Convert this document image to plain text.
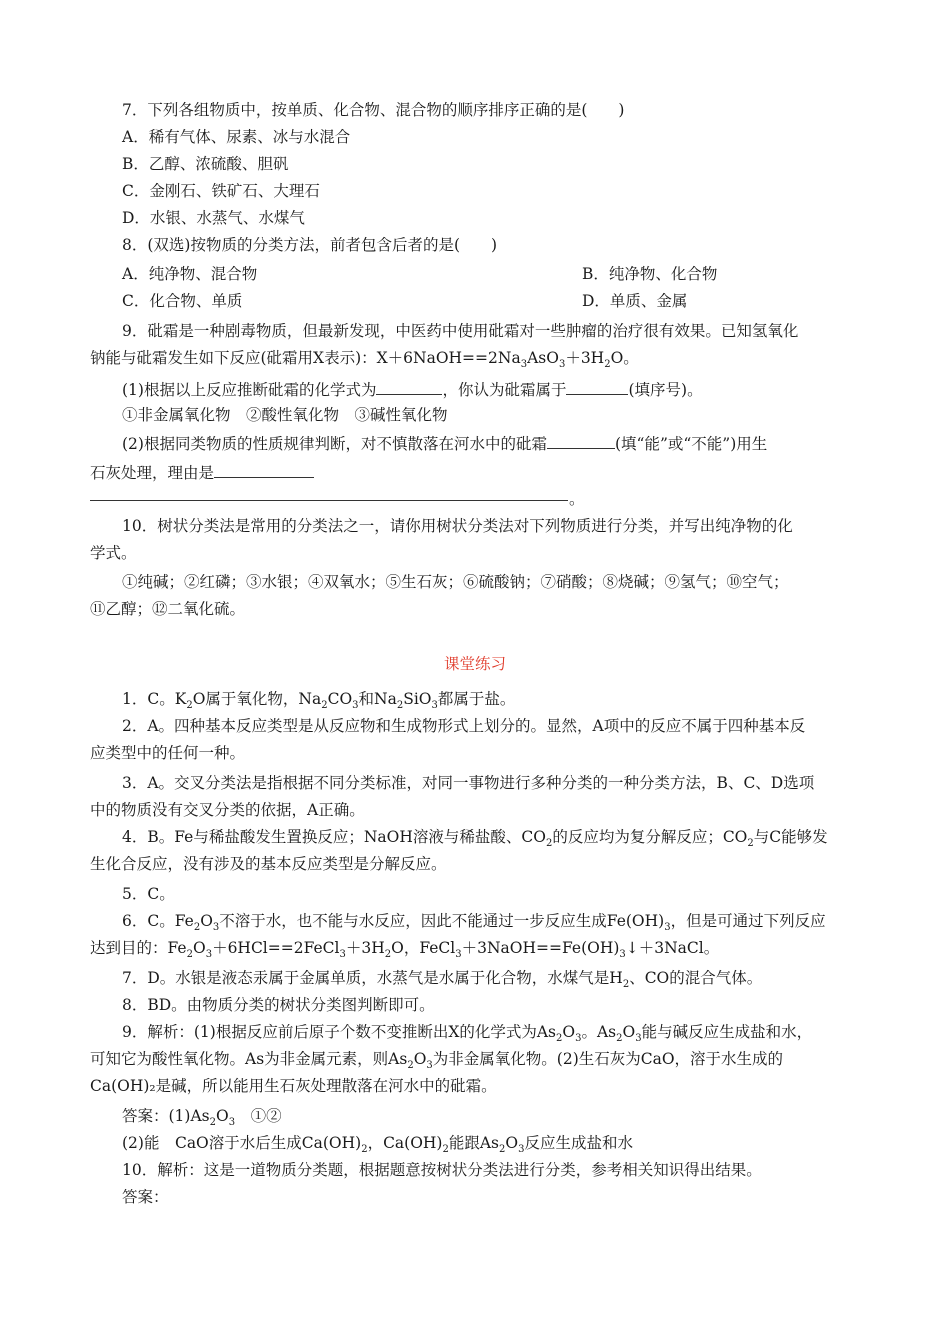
7．下列各组物质中，按单质、化合物、混合物的顺序排序正确的是(　　)
A．稀有气体、尿素、冰与水混合
B．乙醇、浓硫酸、胆矾
C．金刚石、铁矿石、大理石
D．水银、水蒸气、水煤气
8．(双选)按物质的分类方法，前者包含后者的是(　　)
A．纯净物、混合物	B．纯净物、化合物
C．化合物、单质	D．单质、金属
9．砒霜是一种剧毒物质，但最新发现，中医药中使用砒霜对一些肿瘤的治疗很有效果。已知氢氧化
钠能与砒霜发生如下反应(砒霜用X表示)：$X+6NaOH==2Na_3AsO_3+3H_2O$。
(1)根据以上反应推断砒霜的化学式为	，你认为砒霜属于	(填序号)。
①非金属氧化物　②酸性氧化物　③碱性氧化物
(2)根据同类物质的性质规律判断，对不慎散落在河水中的砒霜	(填“能”或“不能”)用生
石灰处理，理由是
。
10．树状分类法是常用的分类法之一，请你用树状分类法对下列物质进行分类，并写出纯净物的化
学式。
①纯碱；②红磷；③水银；④双氧水；⑤生石灰；⑥硫酸钠；⑦硝酸；⑧烧碱；⑨氢气；⑩空气；
⑪乙醇；⑫二氧化硫。
课堂练习
1．C。$K_2O$属于氧化物，$Na_2CO_3$和$Na_2SiO_3$都属于盐。
2．A。四种基本反应类型是从反应物和生成物形式上划分的。显然，A项中的反应不属于四种基本反
应类型中的任何一种。
3．A。交叉分类法是指根据不同分类标准，对同一事物进行多种分类的一种分类方法，B、C、D选项
中的物质没有交叉分类的依据，A正确。
4．B。Fe与稀盐酸发生置换反应；NaOH溶液与稀盐酸、$CO_2$的反应均为复分解反应；$CO_2$与C能够发
生化合反应，没有涉及的基本反应类型是分解反应。
5．C。
6．C。$Fe_2O_3$不溶于水，也不能与水反应，因此不能通过一步反应生成$Fe(OH)_3$，但是可通过下列反应
达到目的：$Fe_2O_3+6HCl==2FeCl_3+3H_2O$，$FeCl_3+3NaOH==Fe(OH)_3↓+3NaCl$。
7．D。水银是液态汞属于金属单质，水蒸气是水属于化合物，水煤气是$H_2$、CO的混合气体。
8．BD。由物质分类的树状分类图判断即可。
9．解析：(1)根据反应前后原子个数不变推断出X的化学式为$As_2O_3$。$As_2O_3$能与碱反应生成盐和水，
可知它为酸性氧化物。As为非金属元素，则$As_2O_3$为非金属氧化物。(2)生石灰为CaO，溶于水生成的
Ca(OH)₂是碱，所以能用生石灰处理散落在河水中的砒霜。
答案：$(1)As_2O_3$　①②
(2)能　CaO溶于水后生成$Ca(OH)_2$，$Ca(OH)_2$能跟$As_2O_3$反应生成盐和水
10．解析：这是一道物质分类题，根据题意按树状分类法进行分类，参考相关知识得出结果。
答案：
